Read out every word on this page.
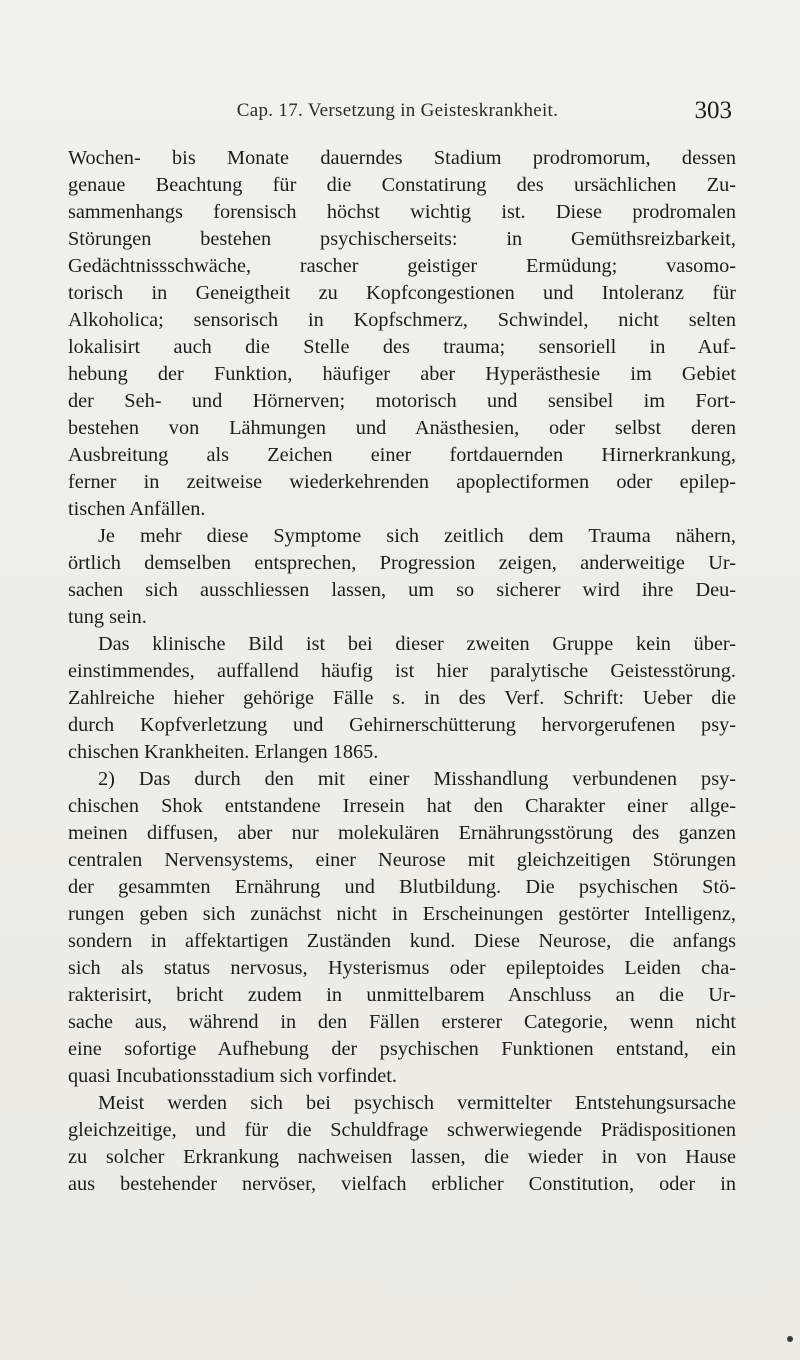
Cap. 17. Versetzung in Geisteskrankheit.	303
Wochen- bis Monate dauerndes Stadium prodromorum, dessen
genaue Beachtung für die Constatirung des ursächlichen Zu-
sammenhangs forensisch höchst wichtig ist. Diese prodromalen
Störungen bestehen psychischerseits: in Gemüthsreizbarkeit,
Gedächtnissschwäche, rascher geistiger Ermüdung; vasomo-
torisch in Geneigtheit zu Kopfcongestionen und Intoleranz für
Alkoholica; sensorisch in Kopfschmerz, Schwindel, nicht selten
lokalisirt auch die Stelle des trauma; sensoriell in Auf-
hebung der Funktion, häufiger aber Hyperästhesie im Gebiet
der Seh- und Hörnerven; motorisch und sensibel im Fort-
bestehen von Lähmungen und Anästhesien, oder selbst deren
Ausbreitung als Zeichen einer fortdauernden Hirnerkrankung,
ferner in zeitweise wiederkehrenden apoplectiformen oder epilep-
tischen Anfällen.
Je mehr diese Symptome sich zeitlich dem Trauma nähern,
örtlich demselben entsprechen, Progression zeigen, anderweitige Ur-
sachen sich ausschliessen lassen, um so sicherer wird ihre Deu-
tung sein.
Das klinische Bild ist bei dieser zweiten Gruppe kein über-
einstimmendes, auffallend häufig ist hier paralytische Geistesstörung.
Zahlreiche hieher gehörige Fälle s. in des Verf. Schrift: Ueber die
durch Kopfverletzung und Gehirnerschütterung hervorgerufenen psy-
chischen Krankheiten. Erlangen 1865.
2) Das durch den mit einer Misshandlung verbundenen psy-
chischen Shok entstandene Irresein hat den Charakter einer allge-
meinen diffusen, aber nur molekulären Ernährungsstörung des ganzen
centralen Nervensystems, einer Neurose mit gleichzeitigen Störungen
der gesammten Ernährung und Blutbildung. Die psychischen Stö-
rungen geben sich zunächst nicht in Erscheinungen gestörter Intelligenz,
sondern in affektartigen Zuständen kund. Diese Neurose, die anfangs
sich als status nervosus, Hysterismus oder epileptoides Leiden cha-
rakterisirt, bricht zudem in unmittelbarem Anschluss an die Ur-
sache aus, während in den Fällen ersterer Categorie, wenn nicht
eine sofortige Aufhebung der psychischen Funktionen entstand, ein
quasi Incubationsstadium sich vorfindet.
Meist werden sich bei psychisch vermittelter Entstehungsursache
gleichzeitige, und für die Schuldfrage schwerwiegende Prädispositionen
zu solcher Erkrankung nachweisen lassen, die wieder in von Hause
aus bestehender nervöser, vielfach erblicher Constitution, oder in
